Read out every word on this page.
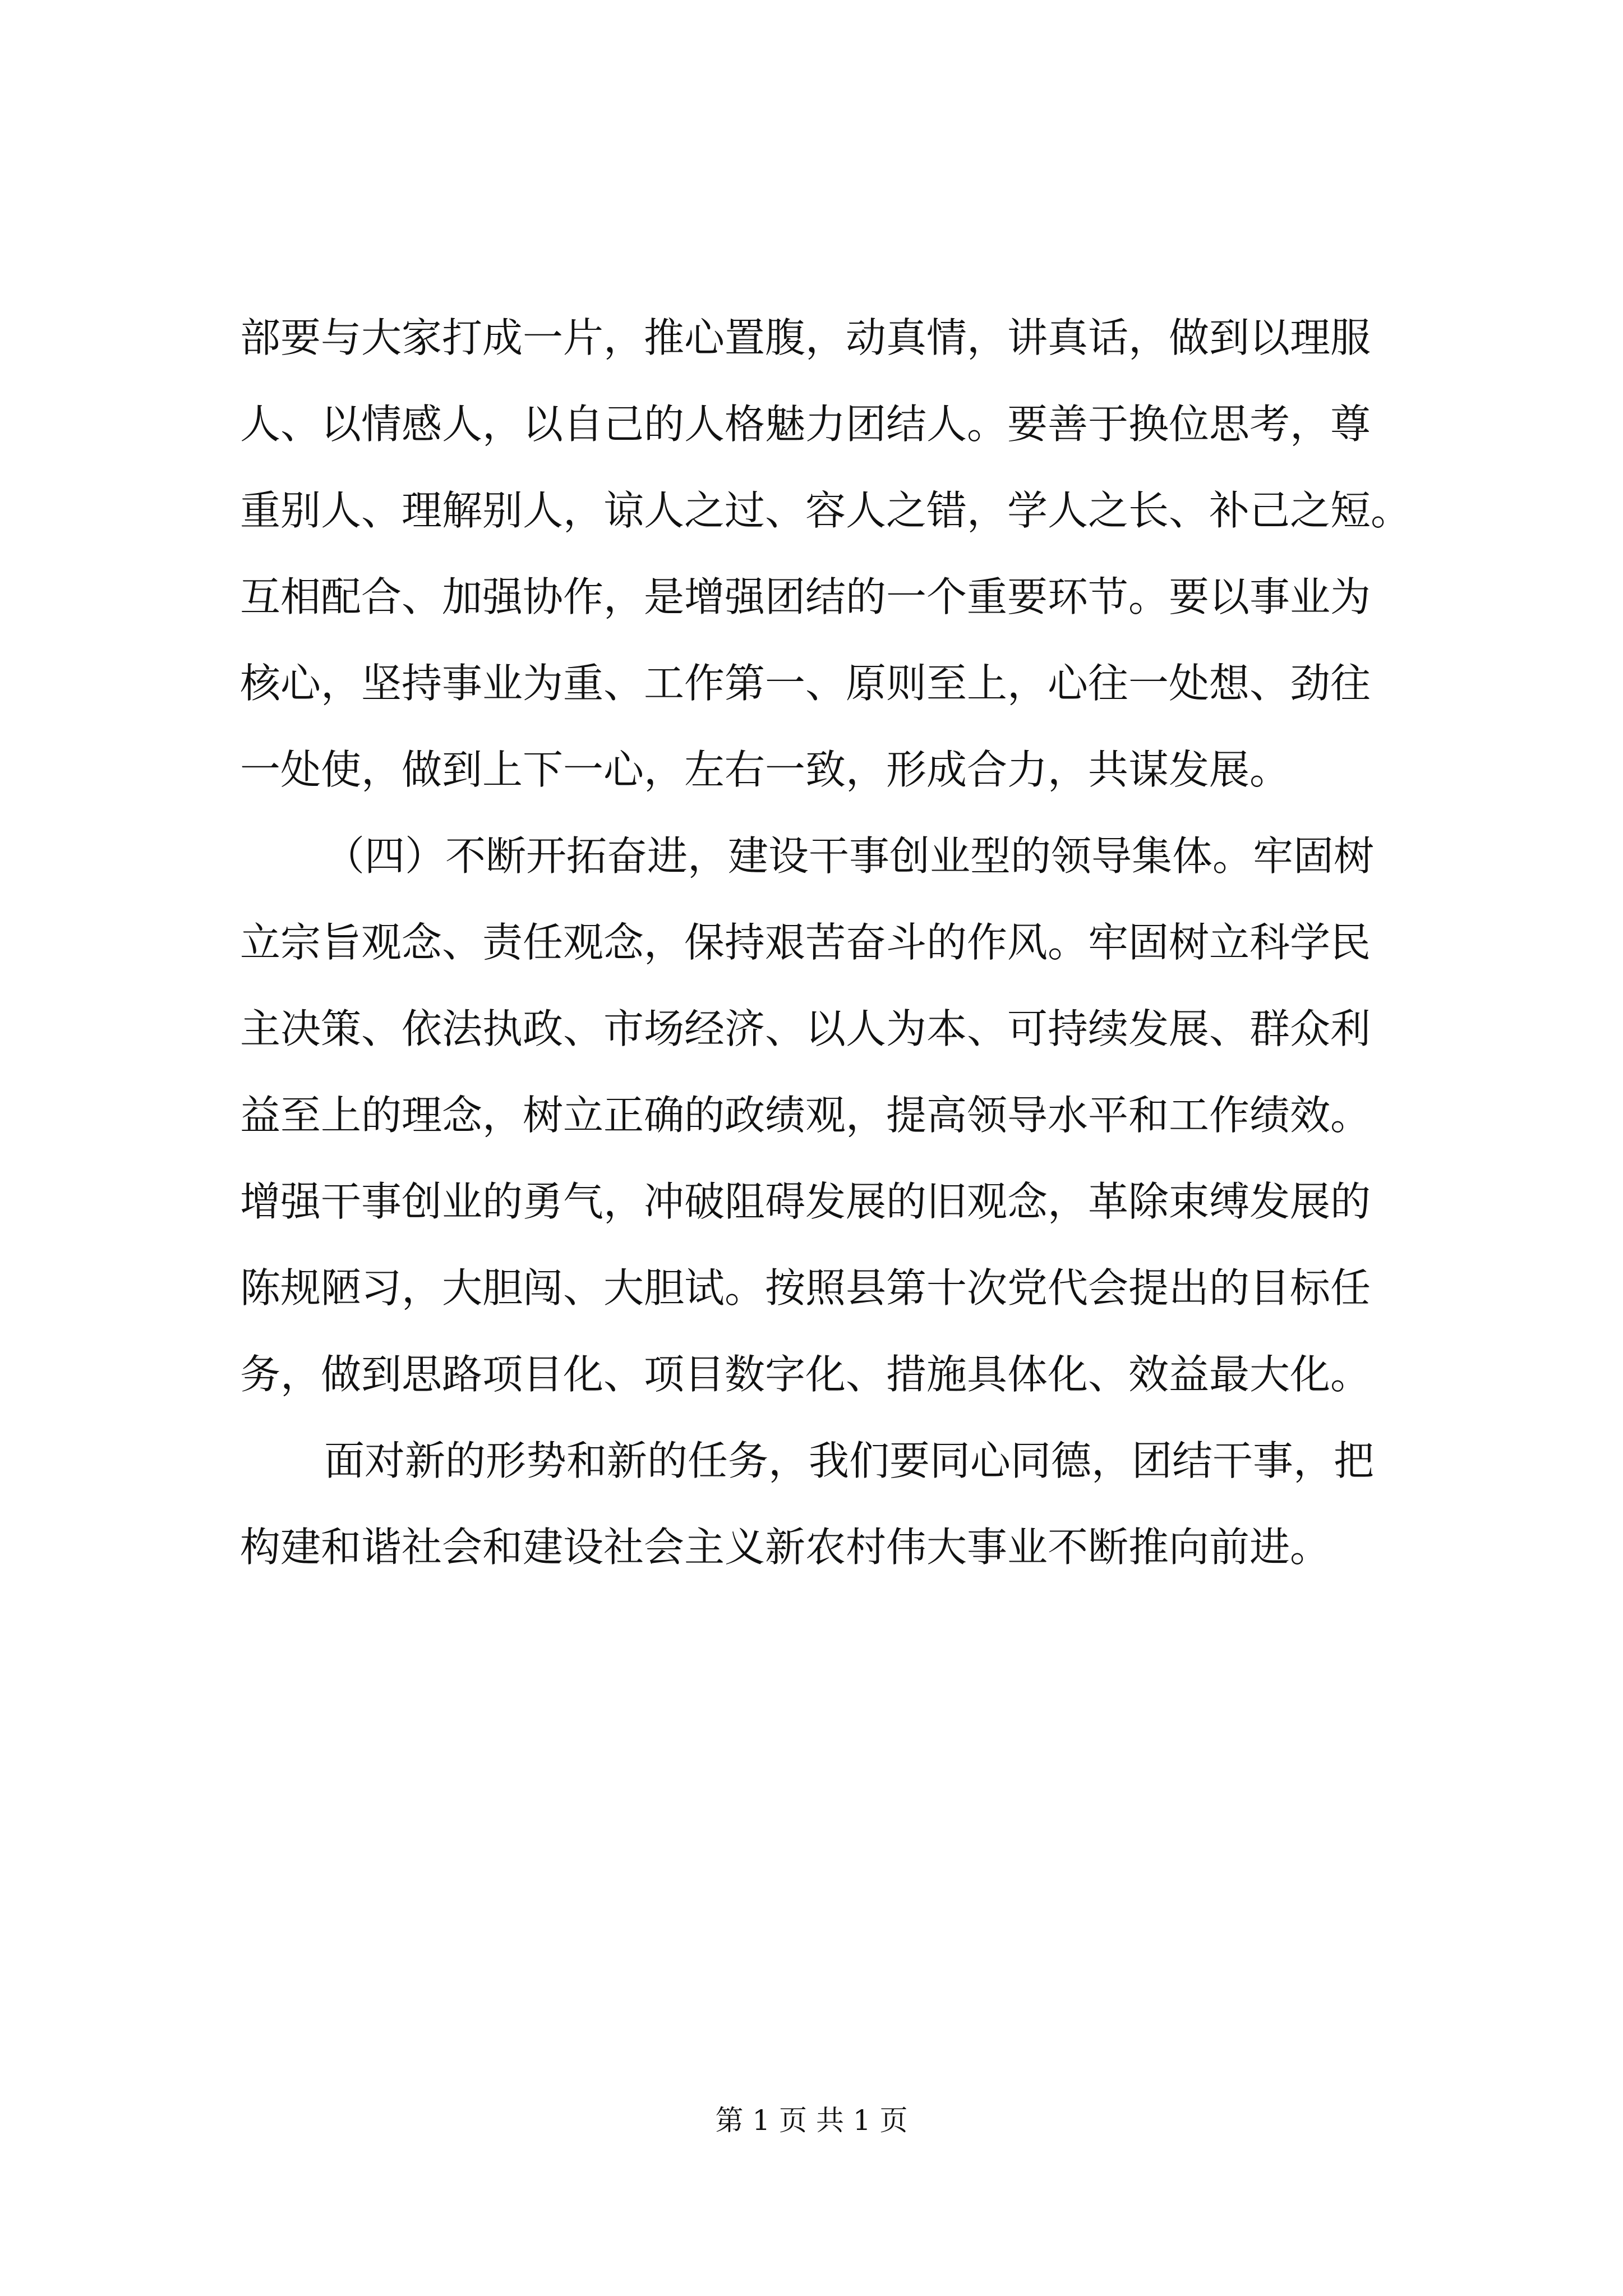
部要与大家打成一片，推心置腹，动真情，讲真话，做到以理服
人、以情感人，以自己的人格魅力团结人。要善于换位思考，尊
重别人、理解别人，谅人之过、容人之错，学人之长、补己之短。
互相配合、加强协作，是增强团结的一个重要环节。要以事业为
核心，坚持事业为重、工作第一、原则至上，心往一处想、劲往
一处使，做到上下一心，左右一致，形成合力，共谋发展。
（四）不断开拓奋进，建设干事创业型的领导集体。牢固树
立宗旨观念、责任观念，保持艰苦奋斗的作风。牢固树立科学民
主决策、依法执政、市场经济、以人为本、可持续发展、群众利
益至上的理念，树立正确的政绩观，提高领导水平和工作绩效。
增强干事创业的勇气，冲破阻碍发展的旧观念，革除束缚发展的
陈规陋习，大胆闯、大胆试。按照县第十次党代会提出的目标任
务，做到思路项目化、项目数字化、措施具体化、效益最大化。
面对新的形势和新的任务，我们要同心同德，团结干事，把
构建和谐社会和建设社会主义新农村伟大事业不断推向前进。
第 1 页 共 1 页
